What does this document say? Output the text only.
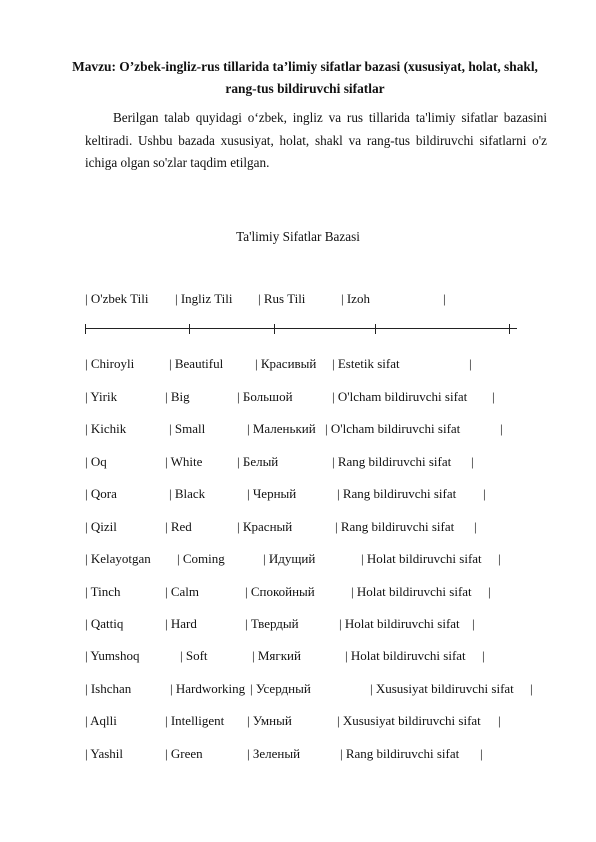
Mavzu: O’zbek-ingliz-rus tillarida ta’limiy sifatlar bazasi (xususiyat, holat, shakl, rang-tus bildiruvchi sifatlar
Berilgan talab quyidagi o‘zbek, ingliz va rus tillarida ta'limiy sifatlar bazasini keltiradi. Ushbu bazada xususiyat, holat, shakl va rang-tus bildiruvchi sifatlarni o'z ichiga olgan so'zlar taqdim etilgan.
Ta'limiy Sifatlar Bazasi
| O'zbek Tili | Ingliz Tili | Rus Tili	| Izoh	|
| Chiroyli	| Beautiful | Красивый | Estetik sifat	|
| Yirik	| Big	| Большой	| O'lcham bildiruvchi sifat |
| Kichik	| Small	| Маленький | O'lcham bildiruvchi sifat	|
| Oq	| White	| Белый	| Rang bildiruvchi sifat |
| Qora	| Black	| Черный	| Rang bildiruvchi sifat |
| Qizil	| Red	| Красный	| Rang bildiruvchi sifat |
| Kelayotgan | Coming	| Идущий	| Holat bildiruvchi sifat |
| Tinch	| Calm	| Спокойный	| Holat bildiruvchi sifat |
| Qattiq	| Hard	| Твердый	| Holat bildiruvchi sifat |
| Yumshoq	| Soft	| Мягкий	| Holat bildiruvchi sifat |
| Ishchan	| Hardworking | Усердный	| Xususiyat bildiruvchi sifat |
| Aqlli	| Intelligent | Умный	| Xususiyat bildiruvchi sifat |
| Yashil	| Green	| Зеленый	| Rang bildiruvchi sifat |
